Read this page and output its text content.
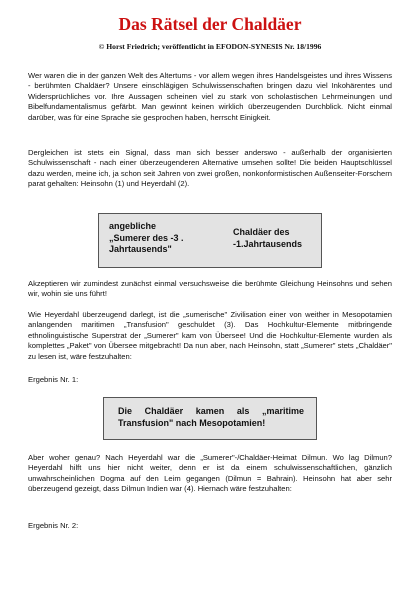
Das Rätsel der Chaldäer

© Horst Friedrich; veröffentlicht in EFODON-SYNESIS Nr. 18/1996

Wer waren die in der ganzen Welt des Altertums - vor allem wegen ihres Handelsgeistes und ihres Wissens - berühmten Chaldäer? Unsere einschlägigen Schulwissenschaften bringen dazu viel Inkohärentes und Widersprüchliches vor. Ihre Aussagen scheinen viel zu stark von scholastischen Lehrmeinungen und Bibelfundamentalismus gefärbt. Man gewinnt keinen wirklich überzeugenden Durchblick. Nicht einmal darüber, was für eine Sprache sie gesprochen haben, herrscht Einigkeit.

Dergleichen ist stets ein Signal, dass man sich besser anderswo - außerhalb der organisierten Schulwissenschaft - nach einer überzeugenderen Alternative umsehen sollte! Die beiden Hauptschlüssel dazu werden, meine ich, ja schon seit Jahren von zwei großen, nonkonformistischen Außenseiter-Forschern parat gehalten: Heinsohn (1) und Heyerdahl (2).

angebliche
„Sumerer des -3 .
Jahrtausends"
Chaldäer des
-1.Jahrtausends

Akzeptieren wir zumindest zunächst einmal versuchsweise die berühmte Gleichung Heinsohns und sehen wir, wohin sie uns führt!

Wie Heyerdahl überzeugend darlegt, ist die „sumerische" Zivilisation einer von weither in Mesopotamien anlangenden maritimen „Transfusion" geschuldet (3). Das Hochkultur-Elemente mitbringende ethnolinguistische Superstrat der „Sumerer" kam von Übersee! Und die Hochkultur-Elemente wurden als komplettes „Paket" von Übersee mitgebracht! Da nun aber, nach Heinsohn, statt „Sumerer" stets „Chaldäer" zu lesen ist, wäre festzuhalten:

Ergebnis Nr. 1:

Die Chaldäer kamen als „maritime
Transfusion" nach Mesopotamien!

Aber woher genau? Nach Heyerdahl war die „Sumerer"-/Chaldäer-Heimat Dilmun. Wo lag Dilmun? Heyerdahl hilft uns hier nicht weiter, denn er ist da einem schulwissenschaftlichen, gänzlich unwahrscheinlichen Dogma auf den Leim gegangen (Dilmun = Bahrain). Heinsohn hat aber sehr überzeugend gezeigt, dass Dilmun Indien war (4). Hiernach wäre festzuhalten:

Ergebnis Nr. 2:
